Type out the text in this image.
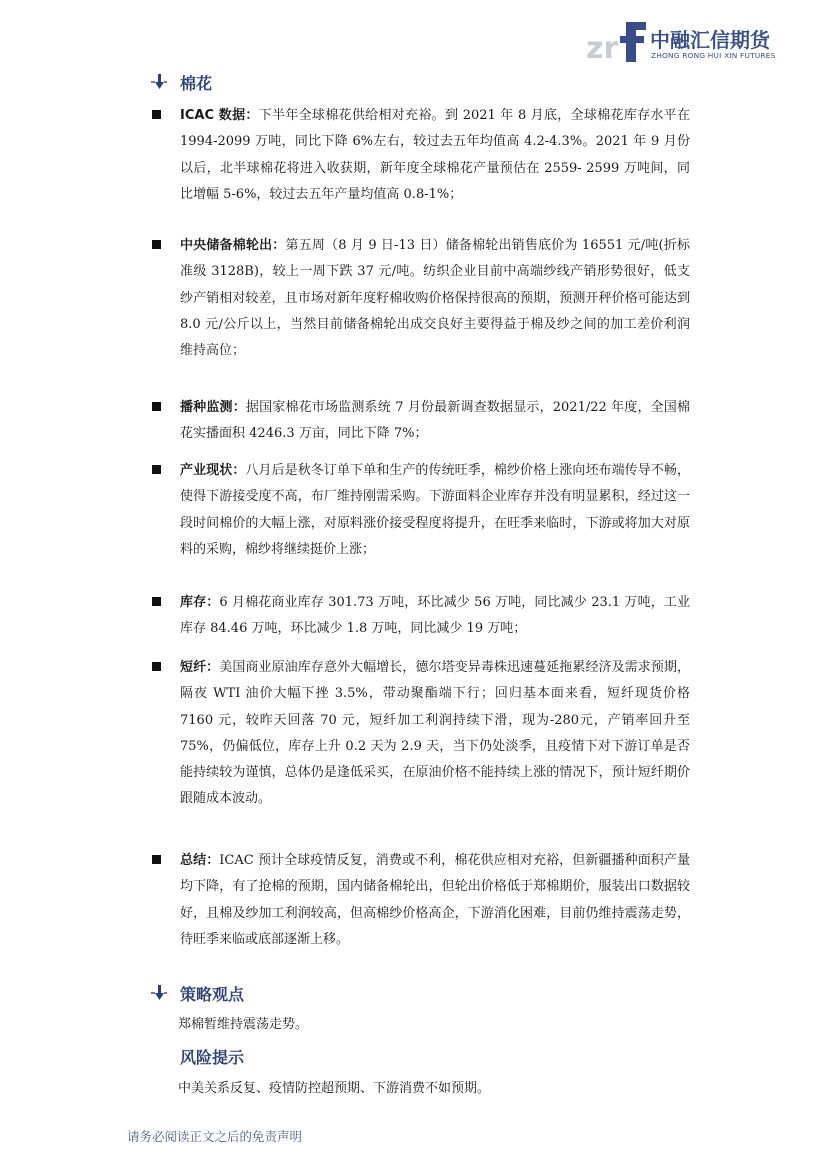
zr 中融汇信期货
ZHONG RONG HUI XIN FUTURES
棉花
ICAC 数据：下半年全球棉花供给相对充裕。到 2021 年 8 月底，全球棉花库存水平在 1994-2099 万吨，同比下降 6%左右，较过去五年均值高 4.2-4.3%。2021 年 9 月份以后，北半球棉花将进入收获期，新年度全球棉花产量预估在 2559- 2599 万吨间，同比增幅 5-6%，较过去五年产量均值高 0.8-1%；
中央储备棉轮出：第五周（8 月 9 日-13 日）储备棉轮出销售底价为 16551 元/吨(折标准级 3128B)，较上一周下跌 37 元/吨。纺织企业目前中高端纱线产销形势很好，低支纱产销相对较差，且市场对新年度籽棉收购价格保持很高的预期，预测开秤价格可能达到 8.0 元/公斤以上，当然目前储备棉轮出成交良好主要得益于棉及纱之间的加工差价利润维持高位；
播种监测：据国家棉花市场监测系统 7 月份最新调查数据显示，2021/22 年度，全国棉花实播面积 4246.3 万亩，同比下降 7%；
产业现状：八月后是秋冬订单下单和生产的传统旺季，棉纱价格上涨向坯布端传导不畅，使得下游接受度不高，布厂维持刚需采购。下游面料企业库存并没有明显累积，经过这一段时间棉价的大幅上涨，对原料涨价接受程度将提升，在旺季来临时，下游或将加大对原料的采购，棉纱将继续挺价上涨；
库存：6 月棉花商业库存 301.73 万吨，环比减少 56 万吨，同比减少 23.1 万吨，工业库存 84.46 万吨，环比减少 1.8 万吨，同比减少 19 万吨；
短纤：美国商业原油库存意外大幅增长，德尔塔变异毒株迅速蔓延拖累经济及需求预期，隔夜 WTI 油价大幅下挫 3.5%，带动聚酯端下行；回归基本面来看，短纤现货价格 7160 元，较昨天回落 70 元，短纤加工利润持续下滑，现为-280元，产销率回升至 75%，仍偏低位，库存上升 0.2 天为 2.9 天，当下仍处淡季，且疫情下对下游订单是否能持续较为谨慎，总体仍是逢低采买，在原油价格不能持续上涨的情况下，预计短纤期价跟随成本波动。
总结：ICAC 预计全球疫情反复，消费或不利，棉花供应相对充裕，但新疆播种面积产量均下降，有了抢棉的预期，国内储备棉轮出，但轮出价格低于郑棉期价，服装出口数据较好，且棉及纱加工利润较高，但高棉纱价格高企，下游消化困难，目前仍维持震荡走势，待旺季来临或底部逐渐上移。
策略观点
郑棉暂维持震荡走势。
风险提示
中美关系反复、疫情防控超预期、下游消费不如预期。
请务必阅读正文之后的免责声明
